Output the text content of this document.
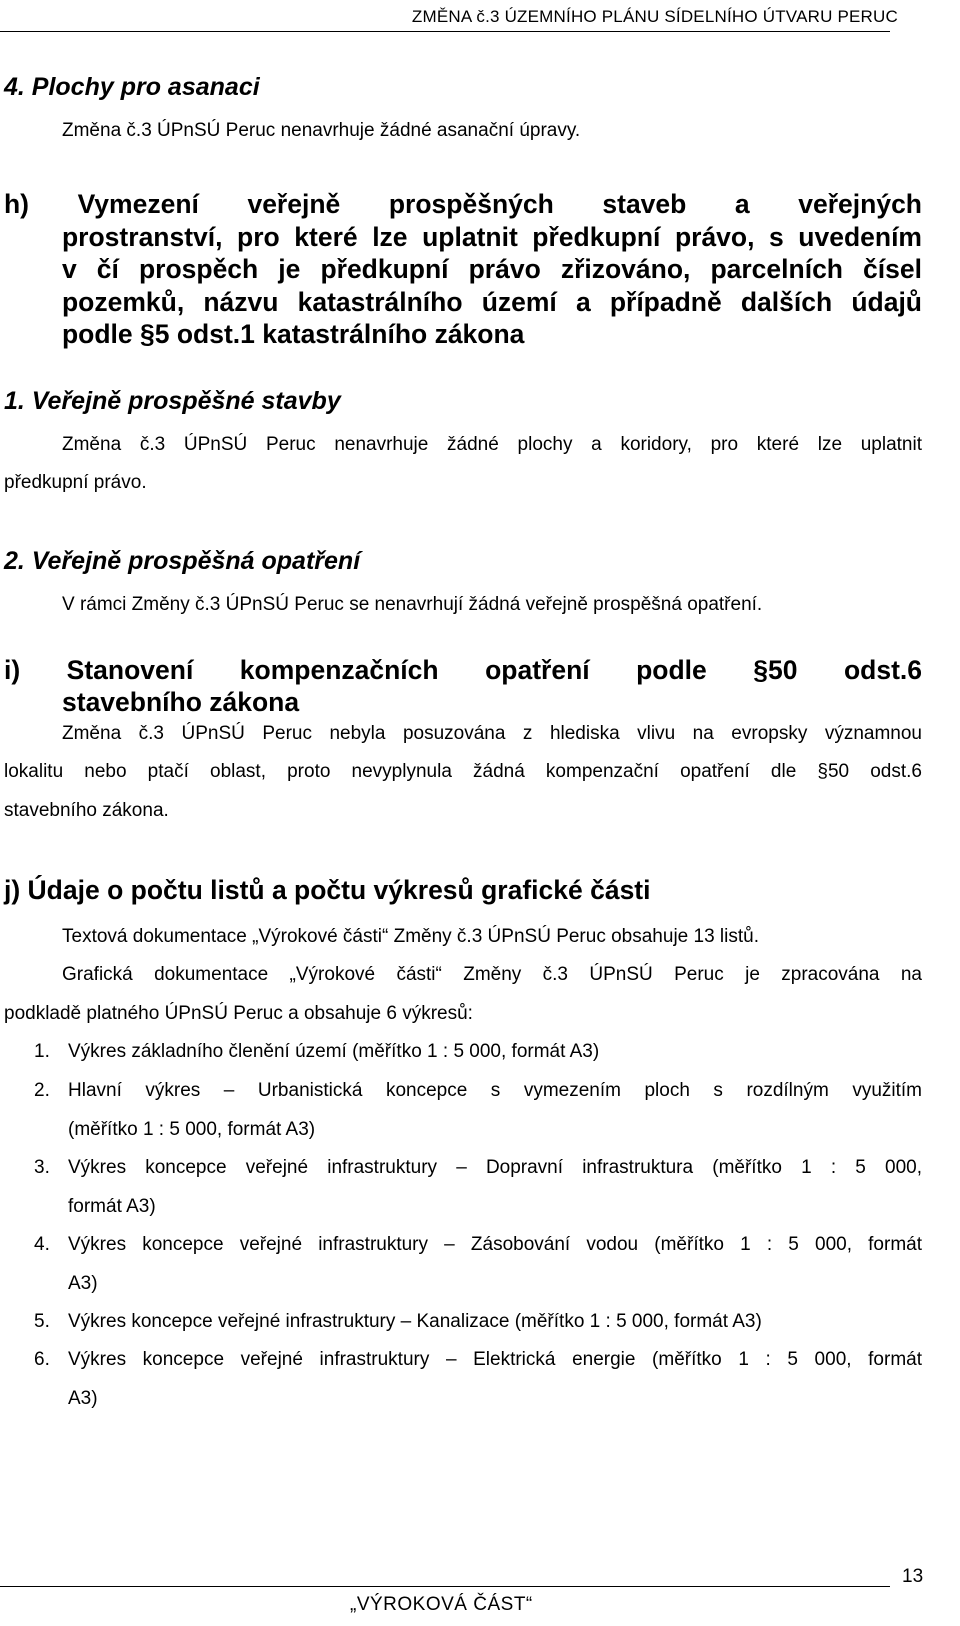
ZMĚNA č.3 ÚZEMNÍHO PLÁNU SÍDELNÍHO ÚTVARU PERUC
4. Plochy pro asanaci
Změna č.3 ÚPnSÚ Peruc nenavrhuje žádné asanační úpravy.
h) Vymezení veřejně prospěšných staveb a veřejných
prostranství, pro které lze uplatnit předkupní právo, s uvedením
v čí prospěch je předkupní právo zřizováno, parcelních čísel
pozemků, názvu katastrálního území a případně dalších údajů
podle §5 odst.1 katastrálního zákona
1. Veřejně prospěšné stavby
Změna č.3 ÚPnSÚ Peruc nenavrhuje žádné plochy a koridory, pro které lze uplatnit
předkupní právo.
2. Veřejně prospěšná opatření
V rámci Změny č.3 ÚPnSÚ Peruc se nenavrhují žádná veřejně prospěšná opatření.
i) Stanovení kompenzačních opatření podle §50 odst.6
stavebního zákona
Změna č.3 ÚPnSÚ Peruc nebyla posuzována z hlediska vlivu na evropsky významnou
lokalitu nebo ptačí oblast, proto nevyplynula žádná kompenzační opatření dle §50 odst.6
stavebního zákona.
j) Údaje o počtu listů a počtu výkresů grafické části
Textová dokumentace „Výrokové části“ Změny č.3 ÚPnSÚ Peruc obsahuje 13 listů.
Grafická dokumentace „Výrokové části“ Změny č.3 ÚPnSÚ Peruc je zpracována na
podkladě platného ÚPnSÚ Peruc a obsahuje 6 výkresů:
1. Výkres základního členění území (měřítko 1 : 5 000, formát A3)
2. Hlavní výkres – Urbanistická koncepce s vymezením ploch s rozdílným využitím
(měřítko 1 : 5 000, formát A3)
3. Výkres koncepce veřejné infrastruktury – Dopravní infrastruktura (měřítko 1 : 5 000,
formát A3)
4. Výkres koncepce veřejné infrastruktury – Zásobování vodou (měřítko 1 : 5 000, formát
A3)
5. Výkres koncepce veřejné infrastruktury – Kanalizace (měřítko 1 : 5 000, formát A3)
6. Výkres koncepce veřejné infrastruktury – Elektrická energie (měřítko 1 : 5 000, formát
A3)
13
„VÝROKOVÁ ČÁST“
